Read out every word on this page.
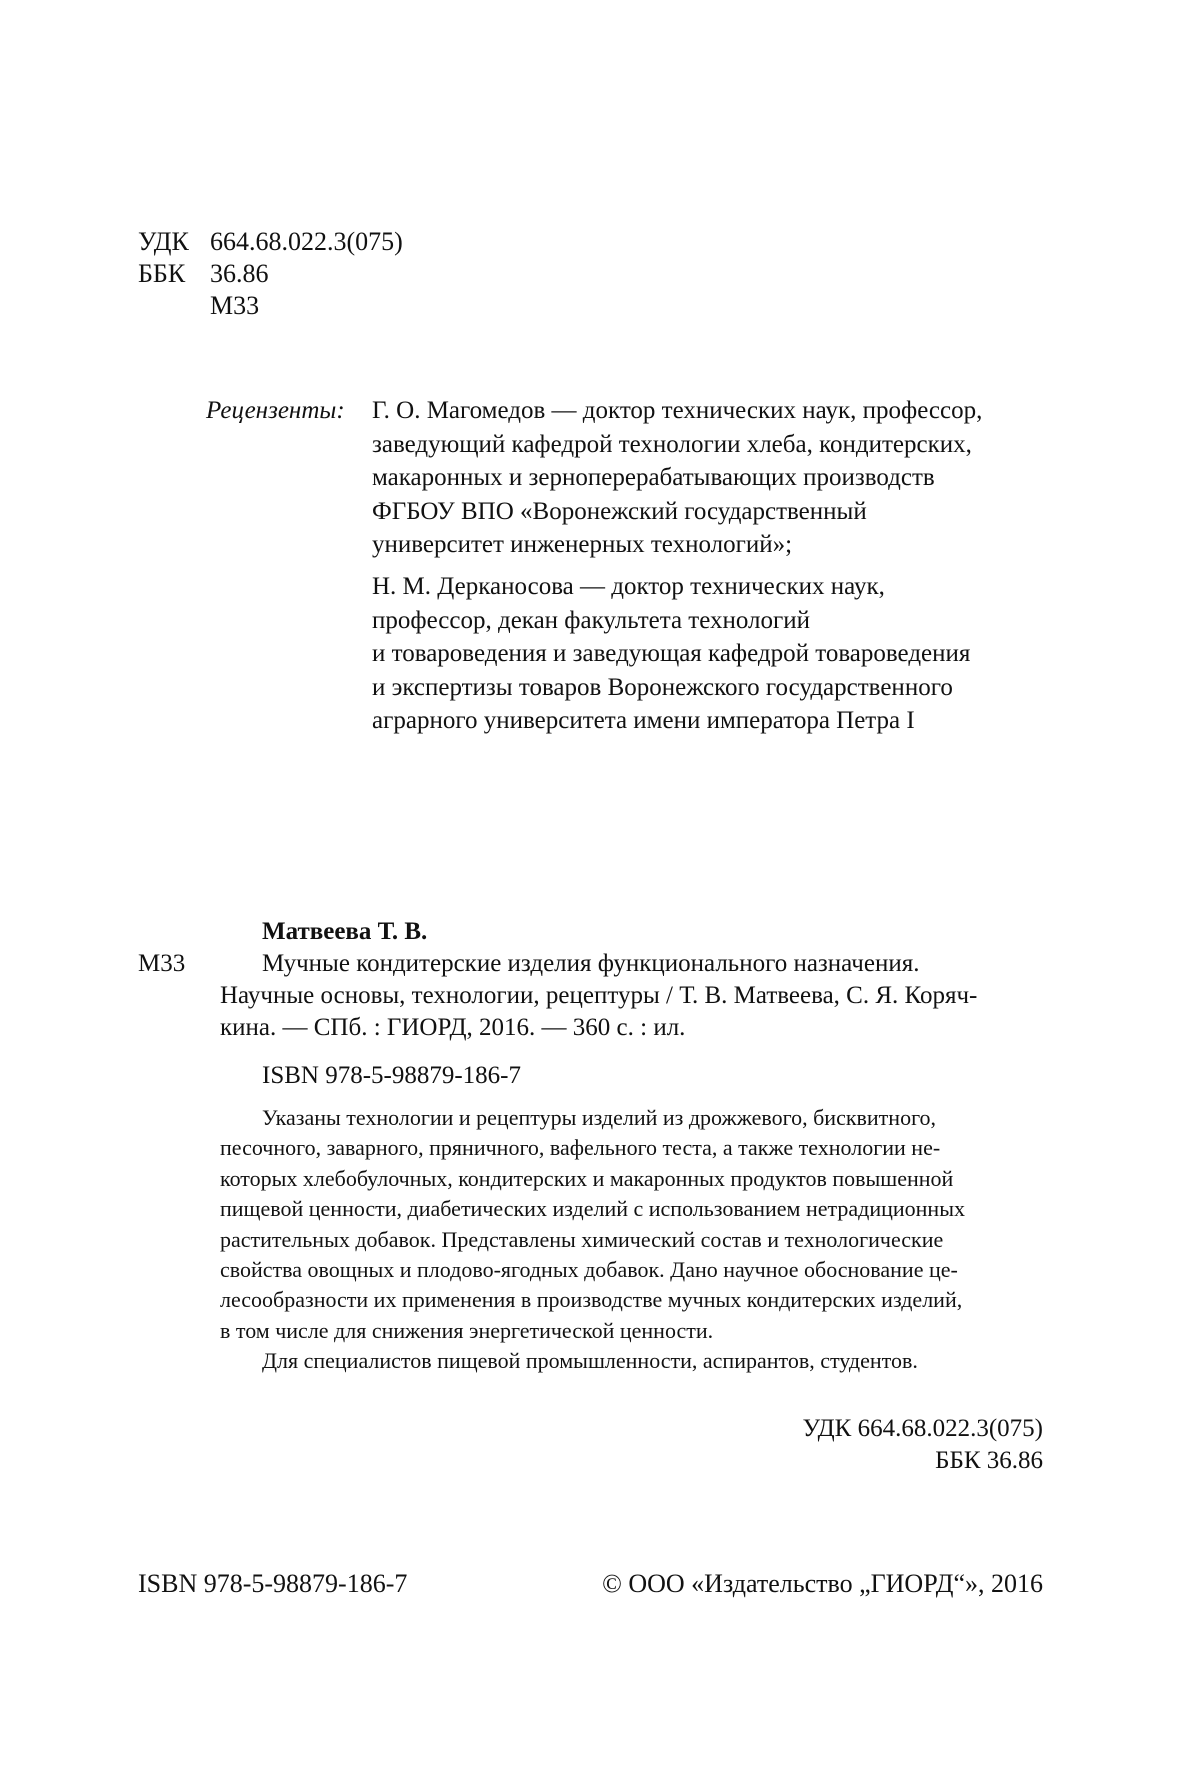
УДК 664.68.022.3(075)
ББК 36.86
М33
Рецензенты: Г. О. Магомедов — доктор технических наук, профессор,
заведующий кафедрой технологии хлеба, кондитерских,
макаронных и зерноперерабатывающих производств
ФГБОУ ВПО «Воронежский государственный
университет инженерных технологий»;
Н. М. Дерканосова — доктор технических наук,
профессор, декан факультета технологий
и товароведения и заведующая кафедрой товароведения
и экспертизы товаров Воронежского государственного
аграрного университета имени императора Петра I
Матвеева Т. В.
М33	Мучные кондитерские изделия функционального назначения.
Научные основы, технологии, рецептуры / Т. В. Матвеева, С. Я. Коряч-
кина. — СПб. : ГИОРД, 2016. — 360 с. : ил.
ISBN 978-5-98879-186-7
Указаны технологии и рецептуры изделий из дрожжевого, бисквитного,
песочного, заварного, пряничного, вафельного теста, а также технологии не-
которых хлебобулочных, кондитерских и макаронных продуктов повышенной
пищевой ценности, диабетических изделий с использованием нетрадиционных
растительных добавок. Представлены химический состав и технологические
свойства овощных и плодово-ягодных добавок. Дано научное обоснование це-
лесообразности их применения в производстве мучных кондитерских изделий,
в том числе для снижения энергетической ценности.
Для специалистов пищевой промышленности, аспирантов, студентов.
УДК 664.68.022.3(075)
ББК 36.86
ISBN 978-5-98879-186-7	© ООО «Издательство „ГИОРД“», 2016
